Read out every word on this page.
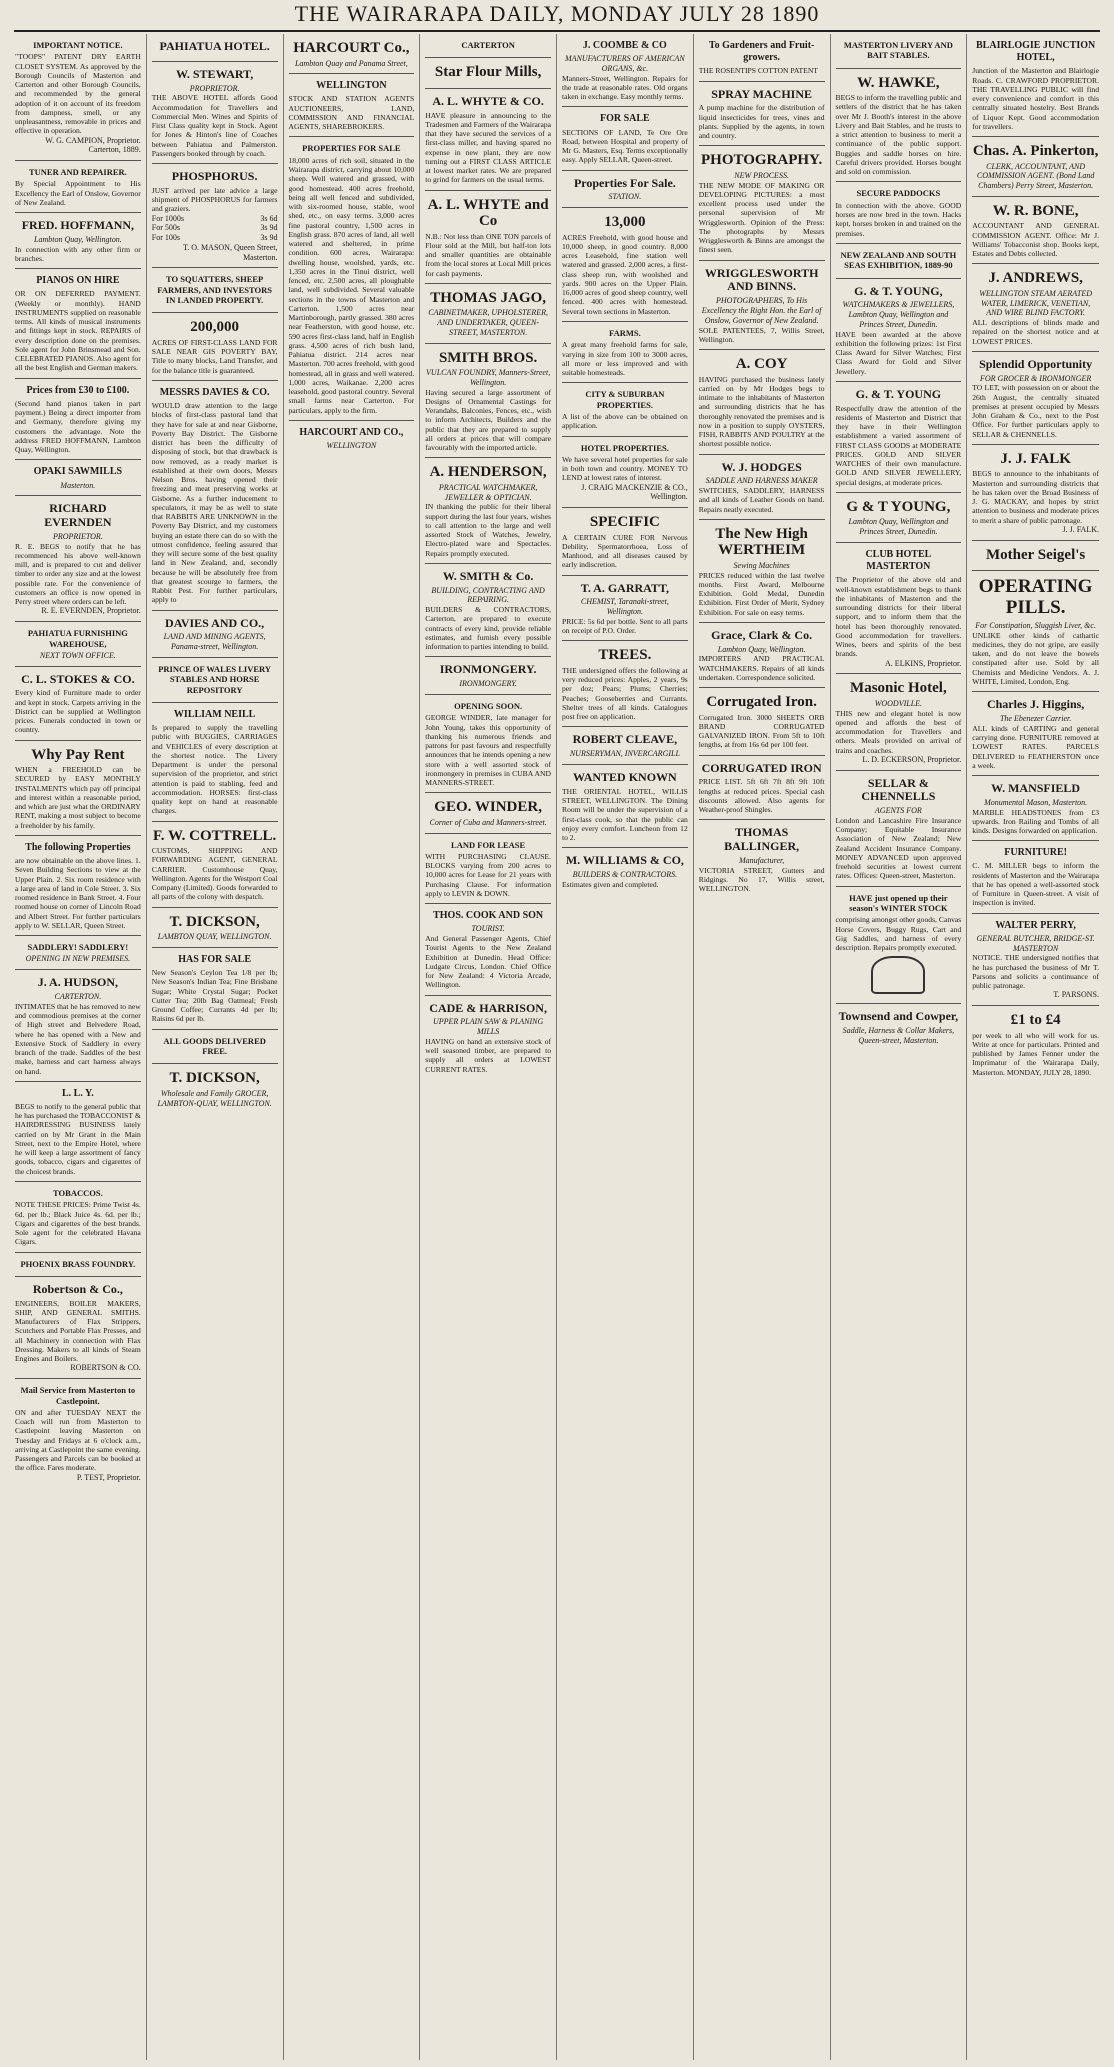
THE WAIRARAPA DAILY, MONDAY JULY 28 1890
IMPORTANT NOTICE.
"TOOPS" PATENT DRY EARTH CLOSET SYSTEM. As approved by the Borough Councils of Masterton and Carterton and other Borough Councils, and recommended by the general adoption of it on account of its freedom from dampness, smell, or any unpleasantness, removable in prices and effective in operation.
W. G. CAMPION, Proprietor. Carterton, 1889.
TUNER AND REPAIRER.
By Special Appointment to His Excellency the Earl of Onslow, Governor of New Zealand.
FRED. HOFFMANN,
Lambton Quay, Wellington.
In connection with any other firm or branches.
PIANOS ON HIRE
OR ON DEFERRED PAYMENT. (Weekly or monthly). HAND INSTRUMENTS supplied on reasonable terms. All kinds of musical instruments and fittings kept in stock. REPAIRS of every description done on the premises. Sole agent for John Brinsmead and Son. CELEBRATED PIANOS. Also agent for all the best English and German makers.
Prices from £30 to £100.
(Second hand pianos taken in part payment.) Being a direct importer from and Germany, therefore giving my customers the advantage. Note the address FRED HOFFMANN, Lambton Quay, Wellington.
OPAKI SAWMILLS
Masterton.
RICHARD EVERNDEN
PROPRIETOR.
R. E. BEGS to notify that he has recommenced his above well-known mill, and is prepared to cut and deliver timber to order any size and at the lowest possible rate. For the convenience of customers an office is now opened in Perry street where orders can be left.
R. E. EVERNDEN, Proprietor.
PAHIATUA FURNISHING WAREHOUSE,
NEXT TOWN OFFICE.
C. L. STOKES & CO.
Every kind of Furniture made to order and kept in stock. Carpets arriving in the District can be supplied at Wellington prices. Funerals conducted in town or country.
Why Pay Rent
WHEN a FREEHOLD can be SECURED by EASY MONTHLY INSTALMENTS which pay off principal and interest within a reasonable period, and which are just what the ORDINARY RENT, making a most subject to become a freeholder by his family.
The following Properties
are now obtainable on the above lines. 1. Seven Building Sections to view at the Upper Plain. 2. Six room residence with a large area of land in Cole Street. 3. Six roomed residence in Bank Street. 4. Four roomed house on corner of Lincoln Road and Albert Street. For further particulars apply to W. SELLAR, Queen Street.
SADDLERY! SADDLERY!
OPENING IN NEW PREMISES.
J. A. HUDSON,
CARTERTON.
INTIMATES that he has removed to new and commodious premises at the corner of High street and Belvedere Road, where he has opened with a New and Extensive Stock of Saddlery in every branch of the trade. Saddles of the best make, harness and cart harness always on hand.
L. L. Y.
BEGS to notify to the general public that he has purchased the TOBACCONIST & HAIRDRESSING BUSINESS lately carried on by Mr Grant in the Main Street, next to the Empire Hotel, where he will keep a large assortment of fancy goods, tobacco, cigars and cigarettes of the choicest brands.
TOBACCOS.
NOTE THESE PRICES: Prime Twist 4s. 6d. per lb.; Black Juice 4s. 6d. per lb.; Cigars and cigarettes of the best brands. Sole agent for the celebrated Havana Cigars.
PHOENIX BRASS FOUNDRY.
Robertson & Co.,
ENGINEERS, BOILER MAKERS, SHIP, AND GENERAL SMITHS. Manufacturers of Flax Strippers, Scutchers and Portable Flax Presses, and all Machinery in connection with Flax Dressing. Makers to all kinds of Steam Engines and Boilers.
ROBERTSON & CO.
Mail Service from Masterton to Castlepoint.
ON and after TUESDAY NEXT the Coach will run from Masterton to Castlepoint leaving Masterton on Tuesday and Fridays at 6 o'clock a.m., arriving at Castlepoint the same evening. Passengers and Parcels can be booked at the office. Fares moderate.
P. TEST, Proprietor.
PAHIATUA HOTEL.
W. STEWART,
PROPRIETOR.
THE ABOVE HOTEL affords Good Accommodation for Travellers and Commercial Men. Wines and Spirits of First Class quality kept in Stock. Agent for Jones & Hinton's line of Coaches between Pahiatua and Palmerston. Passengers booked through by coach.
PHOSPHORUS.
JUST arrived per late advice a large shipment of PHOSPHORUS for farmers and graziers.
For 1000s	3s 6d
For 500s	3s 9d
For 100s	3s 9d
T. O. MASON, Queen Street, Masterton.
TO SQUATTERS, SHEEP FARMERS, AND INVESTORS IN LANDED PROPERTY.
200,000
ACRES OF FIRST-CLASS LAND FOR SALE NEAR GIS POVERTY BAY, Title to many blocks, Land Transfer, and for the balance title is guaranteed.
MESSRS DAVIES & CO.
WOULD draw attention to the large blocks of first-class pastoral land that they have for sale at and near Gisborne, Poverty Bay District. The Gisborne district has been the difficulty of disposing of stock, but that drawback is now removed, as a ready market is established at their own doors, Messrs Nelson Bros. having opened their freezing and meat preserving works at Gisborne. As a further inducement to speculators, it may be as well to state that RABBITS ARE UNKNOWN in the Poverty Bay District, and my customers buying an estate there can do so with the utmost confidence, feeling assured that they will secure some of the best quality land in New Zealand, and, secondly because he will be absolutely free from that greatest scourge to farmers, the Rabbit Pest. For further particulars, apply to
DAVIES AND CO.,
LAND AND MINING AGENTS, Panama-street, Wellington.
PRINCE OF WALES LIVERY STABLES AND HORSE REPOSITORY
WILLIAM NEILL
Is prepared to supply the travelling public with BUGGIES, CARRIAGES and VEHICLES of every description at the shortest notice. The Livery Department is under the personal supervision of the proprietor, and strict attention is paid to stabling, feed and accommodation. HORSES: first-class quality kept on hand at reasonable charges.
F. W. COTTRELL.
CUSTOMS, SHIPPING AND FORWARDING AGENT, GENERAL CARRIER. Customhouse Quay, Wellington. Agents for the Westport Coal Company (Limited). Goods forwarded to all parts of the colony with despatch.
T. DICKSON,
LAMBTON QUAY, WELLINGTON.
HAS FOR SALE
New Season's Ceylon Tea 1/8 per lb; New Season's Indian Tea; Fine Brisbane Sugar; White Crystal Sugar; Pocket Cutter Tea; 20lb Bag Oatmeal; Fresh Ground Coffee; Currants 4d per lb; Raisins 6d per lb.
ALL GOODS DELIVERED FREE.
T. DICKSON,
Wholesale and Family GROCER, LAMBTON-QUAY, WELLINGTON.
HARCOURT Co.,
Lambton Quay and Panama Street,
WELLINGTON
STOCK AND STATION AGENTS AUCTIONEERS, LAND, COMMISSION AND FINANCIAL AGENTS, SHAREBROKERS.
PROPERTIES FOR SALE
18,000 acres of rich soil, situated in the Wairarapa district, carrying about 10,000 sheep. Well watered and grassed, with good homestead. 400 acres freehold, being all well fenced and subdivided, with six-roomed house, stable, wool shed, etc., on easy terms. 3,000 acres fine pastoral country, 1,500 acres in English grass. 870 acres of land, all well watered and sheltered, in prime condition. 600 acres, Wairarapa: dwelling house, woolshed, yards, etc. 1,350 acres in the Tinui district, well fenced, etc. 2,500 acres, all ploughable land, well subdivided. Several valuable sections in the towns of Masterton and Carterton. 1,500 acres near Martinborough, partly grassed. 380 acres near Featherston, with good house, etc. 590 acres first-class land, half in English grass. 4,500 acres of rich bush land, Pahiatua district. 214 acres near Masterton. 700 acres freehold, with good homestead, all in grass and well watered. 1,000 acres, Waikanae. 2,200 acres leasehold, good pastoral country. Several small farms near Carterton. For particulars, apply to the firm.
HARCOURT AND CO.,
WELLINGTON
CARTERTON
Star Flour Mills,
A. L. WHYTE & CO.
HAVE pleasure in announcing to the Tradesmen and Farmers of the Wairarapa that they have secured the services of a first-class miller, and having spared no expense in new plant, they are now turning out a FIRST CLASS ARTICLE at lowest market rates. We are prepared to grind for farmers on the usual terms.
A. L. WHYTE and Co
N.B.: Not less than ONE TON parcels of Flour sold at the Mill, but half-ton lots and smaller quantities are obtainable from the local stores at Local Mill prices for cash payments.
THOMAS JAGO,
CABINETMAKER, UPHOLSTERER, AND UNDERTAKER, QUEEN-STREET, MASTERTON.
SMITH BROS.
VULCAN FOUNDRY, Manners-Street, Wellington.
Having secured a large assortment of Designs of Ornamental Castings for Verandahs, Balconies, Fences, etc., wish to inform Architects, Builders and the public that they are prepared to supply all orders at prices that will compare favourably with the imported article.
A. HENDERSON,
PRACTICAL WATCHMAKER, JEWELLER & OPTICIAN.
IN thanking the public for their liberal support during the last four years, wishes to call attention to the large and well assorted Stock of Watches, Jewelry, Electro-plated ware and Spectacles. Repairs promptly executed.
W. SMITH & Co.
BUILDING, CONTRACTING AND REPAIRING.
BUILDERS & CONTRACTORS, Carterton, are prepared to execute contracts of every kind, provide reliable estimates, and furnish every possible information to parties intending to build.
IRONMONGERY.
IRONMONGERY.
OPENING SOON.
GEORGE WINDER, late manager for John Young, takes this opportunity of thanking his numerous friends and patrons for past favours and respectfully announces that he intends opening a new store with a well assorted stock of ironmongery in premises in CUBA AND MANNERS-STREET.
GEO. WINDER,
Corner of Cuba and Manners-street.
LAND FOR LEASE
WITH PURCHASING CLAUSE. BLOCKS varying from 200 acres to 10,000 acres for Lease for 21 years with Purchasing Clause. For information apply to LEVIN & DOWN.
THOS. COOK AND SON
TOURIST.
And General Passenger Agents, Chief Tourist Agents to the New Zealand Exhibition at Dunedin. Head Office: Ludgate Circus, London. Chief Office for New Zealand: 4 Victoria Arcade, Wellington.
CADE & HARRISON,
UPPER PLAIN SAW & PLANING MILLS
HAVING on hand an extensive stock of well seasoned timber, are prepared to supply all orders at LOWEST CURRENT RATES.
J. COOMBE & CO
MANUFACTURERS OF AMERICAN ORGANS, &c.
Manners-Street, Wellington. Repairs for the trade at reasonable rates. Old organs taken in exchange. Easy monthly terms.
FOR SALE
SECTIONS OF LAND, Te Ore Ore Road, between Hospital and property of Mr G. Masters, Esq. Terms exceptionally easy. Apply SELLAR, Queen-street.
Properties For Sale.
STATION.
13,000
ACRES Freehold, with good house and 10,000 sheep, in good country. 8,000 acres Leasehold, fine station well watered and grassed. 2,000 acres, a first-class sheep run, with woolshed and yards. 900 acres on the Upper Plain. 16,000 acres of good sheep country, well fenced. 400 acres with homestead. Several town sections in Masterton.
FARMS.
A great many freehold farms for sale, varying in size from 100 to 3000 acres, all more or less improved and with suitable homesteads.
CITY & SUBURBAN PROPERTIES.
A list of the above can be obtained on application.
HOTEL PROPERTIES.
We have several hotel properties for sale in both town and country. MONEY TO LEND at lowest rates of interest.
J. CRAIG MACKENZIE & CO., Wellington.
SPECIFIC
A CERTAIN CURE FOR Nervous Debility, Spermatorrhoea, Loss of Manhood, and all diseases caused by early indiscretion.
T. A. GARRATT,
CHEMIST, Taranaki-street, Wellington.
PRICE: 5s 6d per bottle. Sent to all parts on receipt of P.O. Order.
TREES.
THE undersigned offers the following at very reduced prices: Apples, 2 years, 9s per doz; Pears; Plums; Cherries; Peaches; Gooseberries and Currants. Shelter trees of all kinds. Catalogues post free on application.
ROBERT CLEAVE,
NURSERYMAN, INVERCARGILL
WANTED KNOWN
THE ORIENTAL HOTEL, WILLIS STREET, WELLINGTON. The Dining Room will be under the supervision of a first-class cook, so that the public can enjoy every comfort. Luncheon from 12 to 2.
M. WILLIAMS & CO,
BUILDERS & CONTRACTORS.
Estimates given and completed.
To Gardeners and Fruit-growers.
THE ROSENTIPS COTTON PATENT
SPRAY MACHINE
A pump machine for the distribution of liquid insecticides for trees, vines and plants. Supplied by the agents, in town and country.
PHOTOGRAPHY.
NEW PROCESS.
THE NEW MODE OF MAKING OR DEVELOPING PICTURES: a most excellent process used under the personal supervision of Mr Wrigglesworth. Opinion of the Press: The photographs by Messrs Wrigglesworth & Binns are amongst the finest seen.
WRIGGLESWORTH AND BINNS.
PHOTOGRAPHERS, To His Excellency the Right Hon. the Earl of Onslow, Governor of New Zealand.
SOLE PATENTEES, 7, Willis Street, Wellington.
A. COY
HAVING purchased the business lately carried on by Mr Hodges begs to intimate to the inhabitants of Masterton and surrounding districts that he has thoroughly renovated the premises and is now in a position to supply OYSTERS, FISH, RABBITS AND POULTRY at the shortest possible notice.
W. J. HODGES
SADDLE AND HARNESS MAKER
SWITCHES, SADDLERY, HARNESS and all kinds of Leather Goods on hand. Repairs neatly executed.
The New High WERTHEIM
Sewing Machines
PRICES reduced within the last twelve months. First Award, Melbourne Exhibition. Gold Medal, Dunedin Exhibition. First Order of Merit, Sydney Exhibition. For sale on easy terms.
Grace, Clark & Co.
Lambton Quay, Wellington.
IMPORTERS AND PRACTICAL WATCHMAKERS. Repairs of all kinds undertaken. Correspondence solicited.
Corrugated Iron.
Corrugated Iron. 3000 SHEETS ORB BRAND CORRUGATED GALVANIZED IRON. From 5ft to 10ft lengths, at from 16s 6d per 100 feet.
CORRUGATED IRON
PRICE LIST. 5ft 6ft 7ft 8ft 9ft 10ft lengths at reduced prices. Special cash discounts allowed. Also agents for Weather-proof Shingles.
THOMAS BALLINGER,
Manufacturer,
VICTORIA STREET, Gutters and Ridgings. No 17, Willis street, WELLINGTON.
MASTERTON LIVERY AND BAIT STABLES.
W. HAWKE,
BEGS to inform the travelling public and settlers of the district that he has taken over Mr J. Booth's interest in the above Livery and Bait Stables, and he trusts to a strict attention to business to merit a continuance of the public support. Buggies and saddle horses on hire. Careful drivers provided. Horses bought and sold on commission.
SECURE PADDOCKS
In connection with the above. GOOD horses are now bred in the town. Hacks kept, horses broken in and trained on the premises.
NEW ZEALAND AND SOUTH SEAS EXHIBITION, 1889-90
G. & T. YOUNG,
WATCHMAKERS & JEWELLERS, Lambton Quay, Wellington and Princes Street, Dunedin.
HAVE been awarded at the above exhibition the following prizes: 1st First Class Award for Silver Watches; First Class Award for Gold and Silver Jewellery.
G. & T. YOUNG
Respectfully draw the attention of the residents of Masterton and District that they have in their Wellington establishment a varied assortment of FIRST CLASS GOODS at MODERATE PRICES. GOLD AND SILVER WATCHES of their own manufacture. GOLD AND SILVER JEWELLERY, special designs, at moderate prices.
G & T YOUNG,
Lambton Quay, Wellington and Princes Street, Dunedin.
CLUB HOTEL MASTERTON
The Proprietor of the above old and well-known establishment begs to thank the inhabitants of Masterton and the surrounding districts for their liberal support, and to inform them that the hotel has been thoroughly renovated. Good accommodation for travellers. Wines, beers and spirits of the best brands.
A. ELKINS, Proprietor.
Masonic Hotel,
WOODVILLE.
THIS new and elegant hotel is now opened and affords the best of accommodation for Travellers and others. Meals provided on arrival of trains and coaches.
L. D. ECKERSON, Proprietor.
SELLAR & CHENNELLS
AGENTS FOR
London and Lancashire Fire Insurance Company; Equitable Insurance Association of New Zealand; New Zealand Accident Insurance Company. MONEY ADVANCED upon approved freehold securities at lowest current rates. Offices: Queen-street, Masterton.
HAVE just opened up their season's WINTER STOCK
comprising amongst other goods, Canvas Horse Covers, Buggy Rugs, Cart and Gig Saddles, and harness of every description. Repairs promptly executed.
Townsend and Cowper,
Saddle, Harness & Collar Makers, Queen-street, Masterton.
BLAIRLOGIE JUNCTION HOTEL,
Junction of the Masterton and Blairlogie Roads. C. CRAWFORD PROPRIETOR. THE TRAVELLING PUBLIC will find every convenience and comfort in this centrally situated hostelry. Best Brands of Liquor Kept. Good accommodation for travellers.
Chas. A. Pinkerton,
CLERK, ACCOUNTANT, AND COMMISSION AGENT. (Bond Land Chambers) Perry Street, Masterton.
W. R. BONE,
ACCOUNTANT AND GENERAL COMMISSION AGENT. Office: Mr J. Williams' Tobacconist shop. Books kept, Estates and Debts collected.
J. ANDREWS,
WELLINGTON STEAM AERATED WATER, LIMERICK, VENETIAN, AND WIRE BLIND FACTORY.
ALL descriptions of blinds made and repaired on the shortest notice and at LOWEST PRICES.
Splendid Opportunity
FOR GROCER & IRONMONGER
TO LET, with possession on or about the 26th August, the centrally situated premises at present occupied by Messrs John Graham & Co., next to the Post Office. For further particulars apply to SELLAR & CHENNELLS.
J. J. FALK
BEGS to announce to the inhabitants of Masterton and surrounding districts that he has taken over the Broad Business of J. G. MACKAY, and hopes by strict attention to business and moderate prices to merit a share of public patronage.
J. J. FALK.
Mother Seigel's
OPERATING PILLS.
For Constipation, Sluggish Liver, &c.
UNLIKE other kinds of cathartic medicines, they do not gripe, are easily taken, and do not leave the bowels constipated after use. Sold by all Chemists and Medicine Vendors. A. J. WHITE, Limited, London, Eng.
Charles J. Higgins,
The Ebenezer Carrier.
ALL kinds of CARTING and general carrying done. FURNITURE removed at LOWEST RATES. PARCELS DELIVERED to FEATHERSTON once a week.
W. MANSFIELD
Monumental Mason, Masterton.
MARBLE HEADSTONES from £3 upwards. Iron Railing and Tombs of all kinds. Designs forwarded on application.
FURNITURE!
C. M. MILLER begs to inform the residents of Masterton and the Wairarapa that he has opened a well-assorted stock of Furniture in Queen-street. A visit of inspection is invited.
WALTER PERRY,
GENERAL BUTCHER, BRIDGE-ST. MASTERTON
NOTICE. THE undersigned notifies that he has purchased the business of Mr T. Parsons and solicits a continuance of public patronage.
T. PARSONS.
£1 to £4
per week to all who will work for us. Write at once for particulars. Printed and published by James Fenner under the Imprimatur of the Wairarapa Daily, Masterton. MONDAY, JULY 28, 1890.
